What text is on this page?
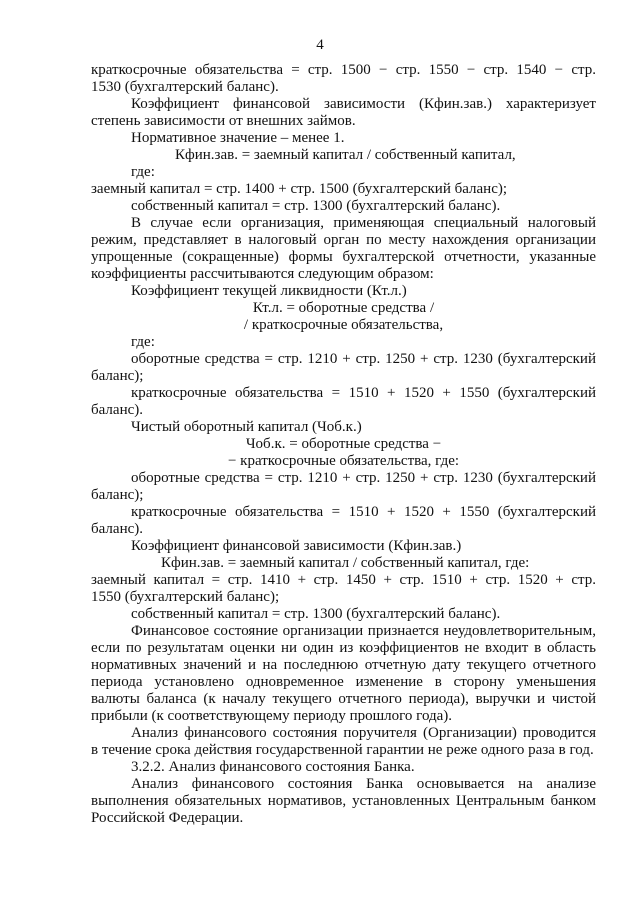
4
краткосрочные обязательства = стр. 1500 − стр. 1550 − стр. 1540 − стр.
1530 (бухгалтерский баланс).
Коэффициент финансовой зависимости (Кфин.зав.) характеризует
степень зависимости от внешних займов.
Нормативное значение – менее 1.
Кфин.зав. = заемный капитал / собственный капитал,
где:
заемный капитал = стр. 1400 + стр. 1500 (бухгалтерский баланс);
собственный капитал = стр. 1300 (бухгалтерский баланс).
В случае если организация, применяющая специальный налоговый
режим, представляет в налоговый орган по месту нахождения организации
упрощенные (сокращенные) формы бухгалтерской отчетности, указанные
коэффициенты рассчитываются следующим образом:
Коэффициент текущей ликвидности (Кт.л.)
Кт.л. = оборотные средства /
/ краткосрочные обязательства,
где:
оборотные средства = стр. 1210 + стр. 1250 + стр. 1230 (бухгалтерский
баланс);
краткосрочные обязательства = 1510 + 1520 + 1550 (бухгалтерский
баланс).
Чистый оборотный капитал (Чоб.к.)
Чоб.к. = оборотные средства −
− краткосрочные обязательства, где:
оборотные средства = стр. 1210 + стр. 1250 + стр. 1230 (бухгалтерский
баланс);
краткосрочные обязательства = 1510 + 1520 + 1550 (бухгалтерский
баланс).
Коэффициент финансовой зависимости (Кфин.зав.)
Кфин.зав. = заемный капитал / собственный капитал, где:
заемный капитал = стр. 1410 + стр. 1450 + стр. 1510 + стр. 1520 + стр.
1550 (бухгалтерский баланс);
собственный капитал = стр. 1300 (бухгалтерский баланс).
Финансовое состояние организации признается неудовлетворительным,
если по результатам оценки ни один из коэффициентов не входит в область
нормативных значений и на последнюю отчетную дату текущего отчетного
периода установлено одновременное изменение в сторону уменьшения
валюты баланса (к началу текущего отчетного периода), выручки и чистой
прибыли (к соответствующему периоду прошлого года).
Анализ финансового состояния поручителя (Организации) проводится
в течение срока действия государственной гарантии не реже одного раза в год.
3.2.2. Анализ финансового состояния Банка.
Анализ финансового состояния Банка основывается на анализе
выполнения обязательных нормативов, установленных Центральным банком
Российской Федерации.
